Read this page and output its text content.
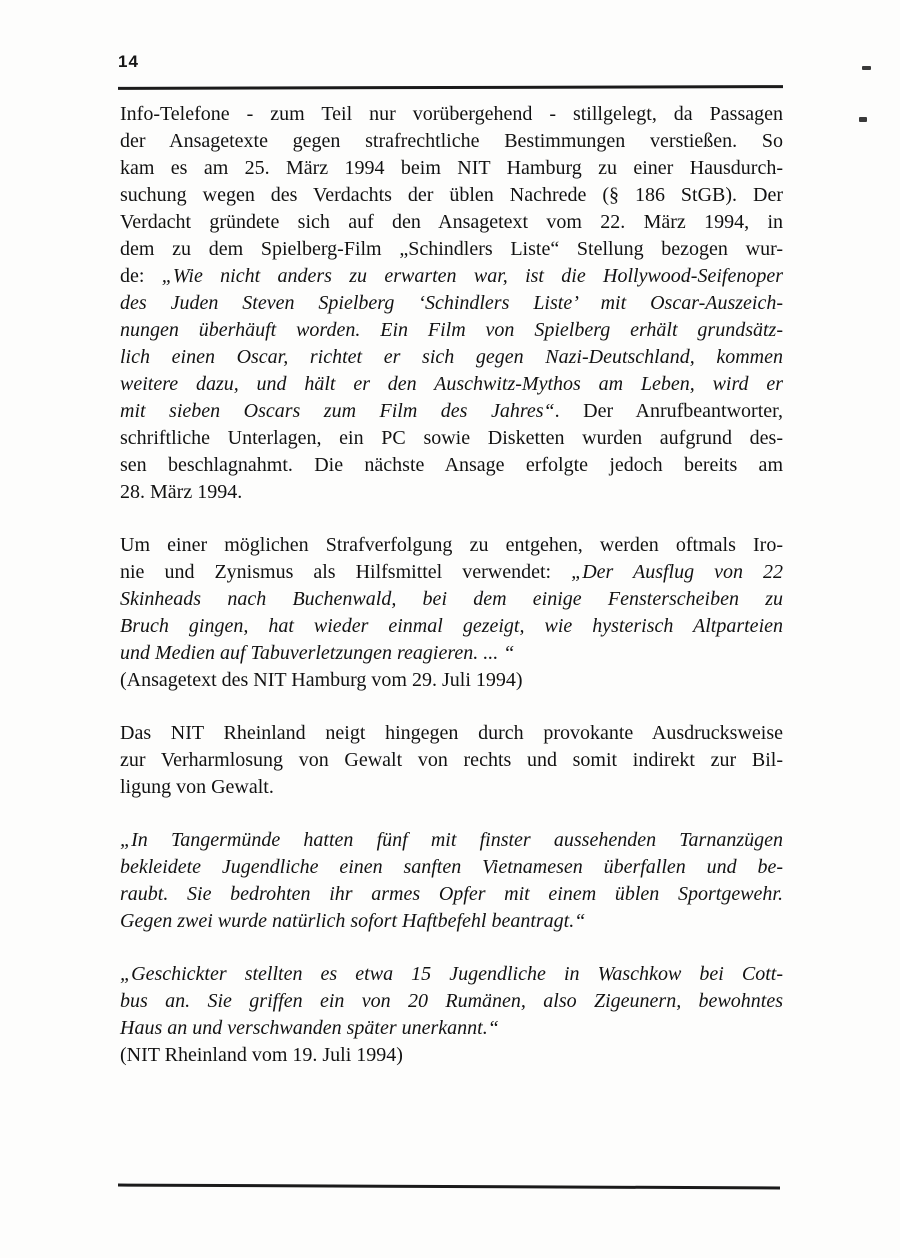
14
Info-Telefone - zum Teil nur vorübergehend - stillgelegt, da Passagen
der Ansagetexte gegen strafrechtliche Bestimmungen verstießen. So
kam es am 25. März 1994 beim NIT Hamburg zu einer Hausdurch-
suchung wegen des Verdachts der üblen Nachrede (§ 186 StGB). Der
Verdacht gründete sich auf den Ansagetext vom 22. März 1994, in
dem zu dem Spielberg-Film „Schindlers Liste“ Stellung bezogen wur-
de: „Wie nicht anders zu erwarten war, ist die Hollywood-Seifenoper
des Juden Steven Spielberg ‘Schindlers Liste’ mit Oscar-Auszeich-
nungen überhäuft worden. Ein Film von Spielberg erhält grundsätz-
lich einen Oscar, richtet er sich gegen Nazi-Deutschland, kommen
weitere dazu, und hält er den Auschwitz-Mythos am Leben, wird er
mit sieben Oscars zum Film des Jahres“. Der Anrufbeantworter,
schriftliche Unterlagen, ein PC sowie Disketten wurden aufgrund des-
sen beschlagnahmt. Die nächste Ansage erfolgte jedoch bereits am
28. März 1994.
Um einer möglichen Strafverfolgung zu entgehen, werden oftmals Iro-
nie und Zynismus als Hilfsmittel verwendet: „Der Ausflug von 22
Skinheads nach Buchenwald, bei dem einige Fensterscheiben zu
Bruch gingen, hat wieder einmal gezeigt, wie hysterisch Altparteien
und Medien auf Tabuverletzungen reagieren. ... “
(Ansagetext des NIT Hamburg vom 29. Juli 1994)
Das NIT Rheinland neigt hingegen durch provokante Ausdrucksweise
zur Verharmlosung von Gewalt von rechts und somit indirekt zur Bil-
ligung von Gewalt.
„In Tangermünde hatten fünf mit finster aussehenden Tarnanzügen
bekleidete Jugendliche einen sanften Vietnamesen überfallen und be-
raubt. Sie bedrohten ihr armes Opfer mit einem üblen Sportgewehr.
Gegen zwei wurde natürlich sofort Haftbefehl beantragt.“
„Geschickter stellten es etwa 15 Jugendliche in Waschkow bei Cott-
bus an. Sie griffen ein von 20 Rumänen, also Zigeunern, bewohntes
Haus an und verschwanden später unerkannt.“
(NIT Rheinland vom 19. Juli 1994)
